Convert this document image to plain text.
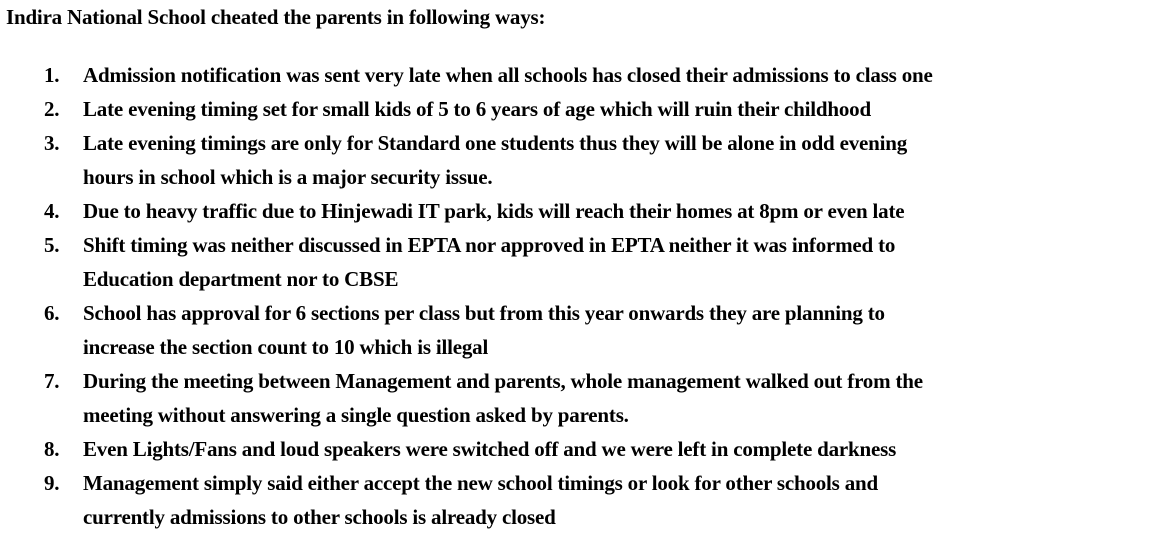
Indira National School cheated the parents in following ways:
1.	Admission notification was sent very late when all schools has closed their admissions to class one
2.	Late evening timing set for small kids of 5 to 6 years of age which will ruin their childhood
3.	Late evening timings are only for Standard one students thus they will be alone in odd evening
hours in school which is a major security issue.
4.	Due to heavy traffic due to Hinjewadi IT park, kids will reach their homes at 8pm or even late
5.	Shift timing was neither discussed in EPTA nor approved in EPTA neither it was informed to
Education department nor to CBSE
6.	School has approval for 6 sections per class but from this year onwards they are planning to
increase the section count to 10 which is illegal
7.	During the meeting between Management and parents, whole management walked out from the
meeting without answering a single question asked by parents.
8.	Even Lights/Fans and loud speakers were switched off and we were left in complete darkness
9.	Management simply said either accept the new school timings or look for other schools and
currently admissions to other schools is already closed
